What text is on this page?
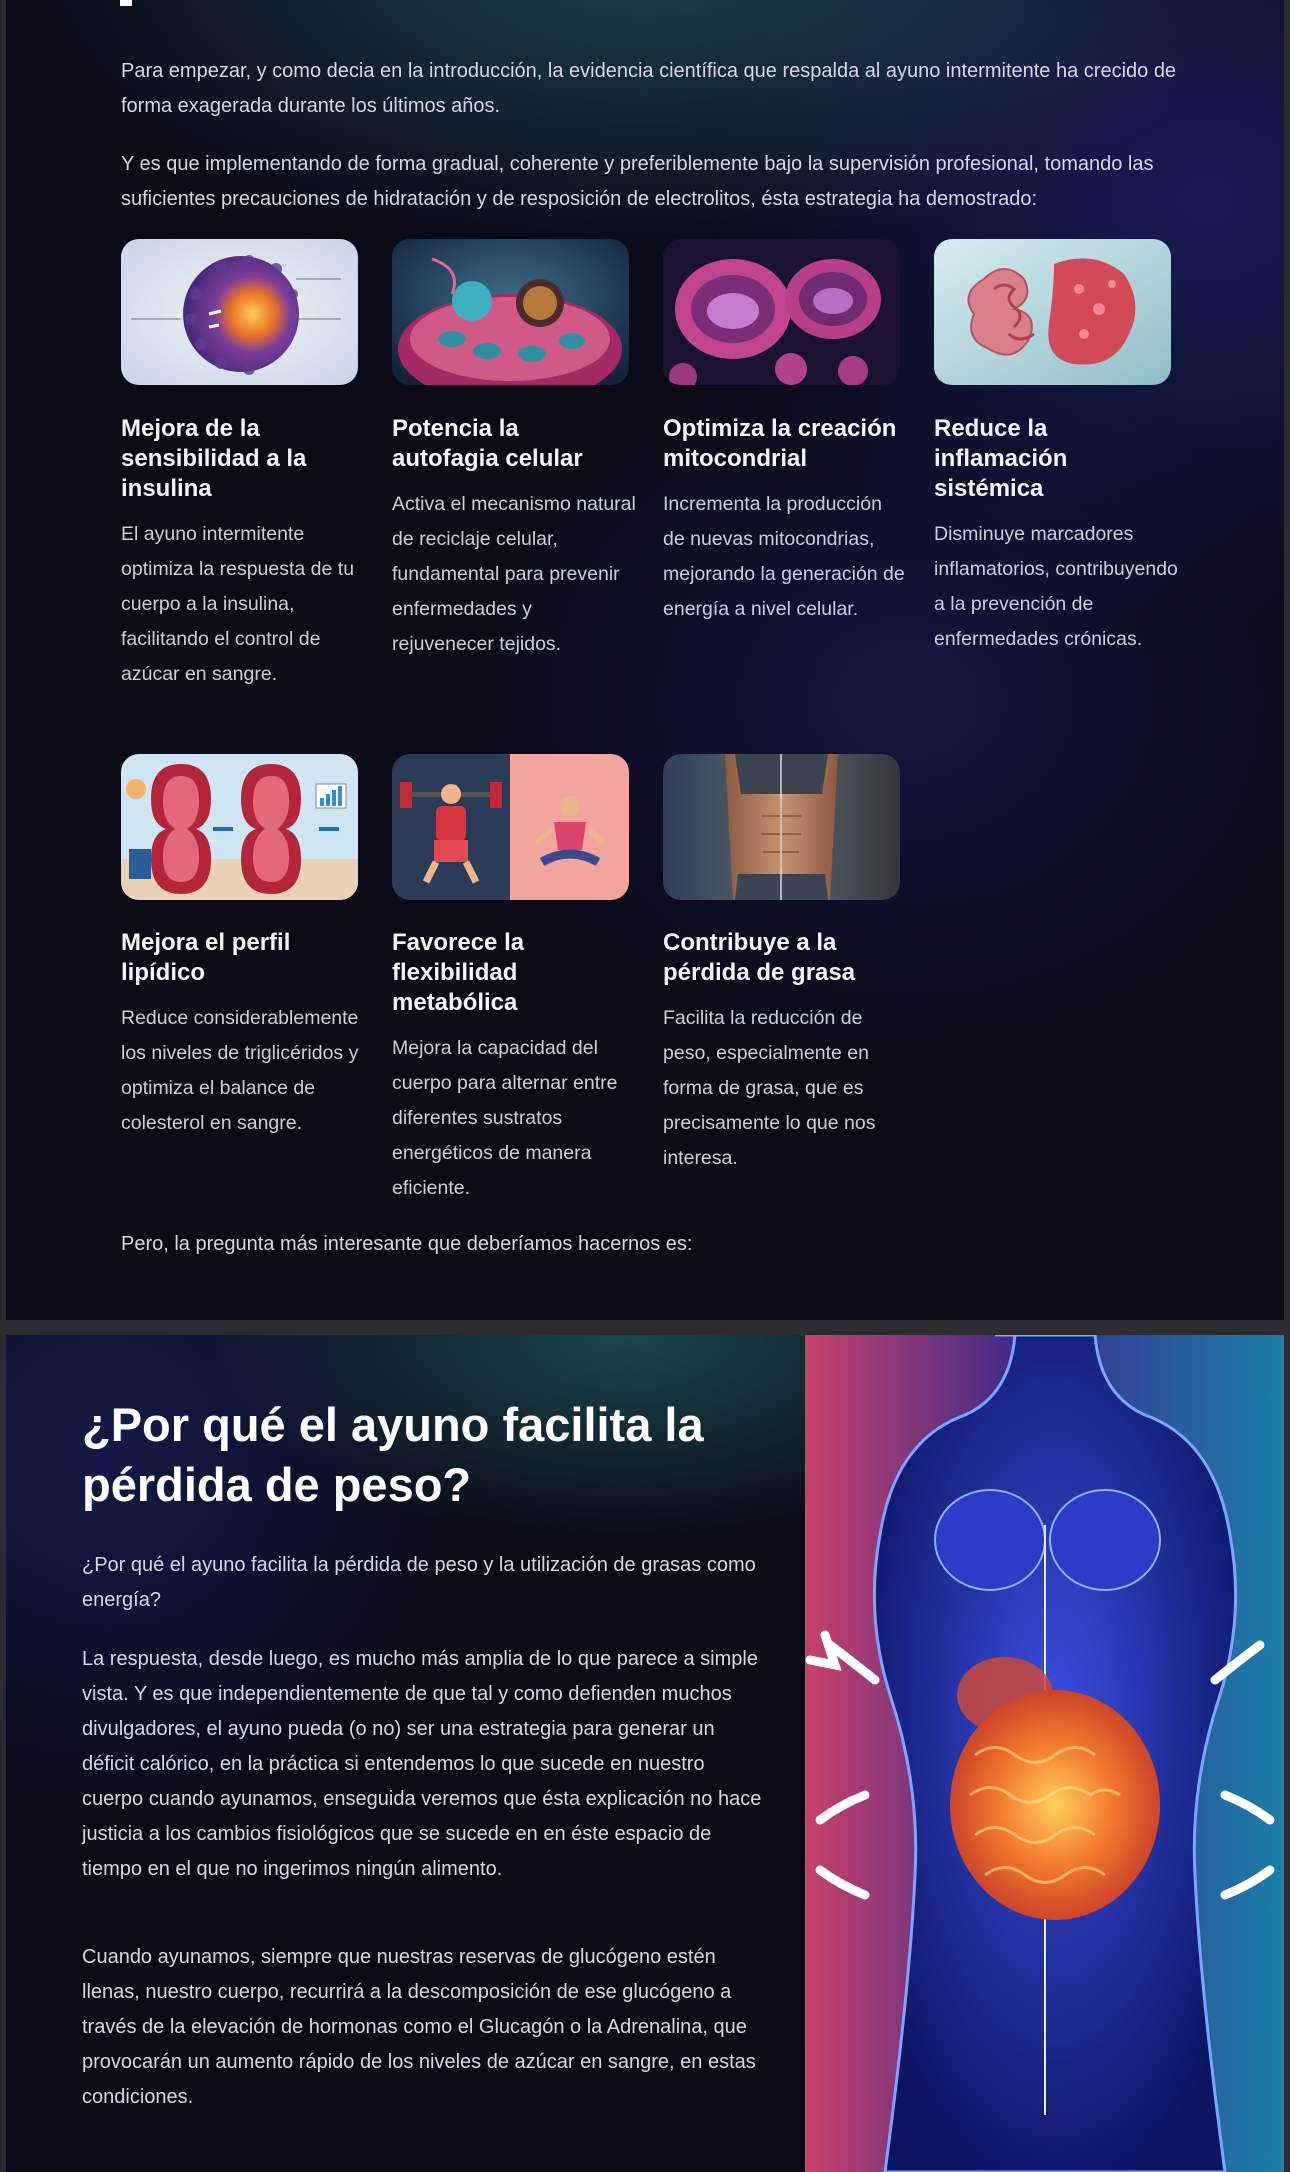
Para empezar, y como decia en la introducción, la evidencia científica que respalda al ayuno intermitente ha crecido de forma exagerada durante los últimos años.

Y es que implementando de forma gradual, coherente y preferiblemente bajo la supervisión profesional, tomando las suficientes precauciones de hidratación y de resposición de electrolitos, ésta estrategia ha demostrado:

Mejora de la sensibilidad a la insulina

El ayuno intermitente optimiza la respuesta de tu cuerpo a la insulina, facilitando el control de azúcar en sangre.

Potencia la autofagia celular

Activa el mecanismo natural de reciclaje celular, fundamental para prevenir enfermedades y rejuvenecer tejidos.

Optimiza la creación mitocondrial

Incrementa la producción de nuevas mitocondrias, mejorando la generación de energía a nivel celular.

Reduce la inflamación sistémica

Disminuye marcadores inflamatorios, contribuyendo a la prevención de enfermedades crónicas.

Mejora el perfil lipídico

Reduce considerablemente los niveles de triglicéridos y optimiza el balance de colesterol en sangre.

Favorece la flexibilidad metabólica

Mejora la capacidad del cuerpo para alternar entre diferentes sustratos energéticos de manera eficiente.

Contribuye a la pérdida de grasa

Facilita la reducción de peso, especialmente en forma de grasa, que es precisamente lo que nos interesa.

Pero, la pregunta más interesante que deberíamos hacernos es:

¿Por qué el ayuno facilita la pérdida de peso?

¿Por qué el ayuno facilita la pérdida de peso y la utilización de grasas como energía?

La respuesta, desde luego, es mucho más amplia de lo que parece a simple vista. Y es que independientemente de que tal y como defienden muchos divulgadores, el ayuno pueda (o no) ser una estrategia para generar un déficit calórico, en la práctica si entendemos lo que sucede en nuestro cuerpo cuando ayunamos, enseguida veremos que ésta explicación no hace justicia a los cambios fisiológicos que se sucede en en éste espacio de tiempo en el que no ingerimos ningún alimento.

Cuando ayunamos, siempre que nuestras reservas de glucógeno estén llenas, nuestro cuerpo, recurrirá a la descomposición de ese glucógeno a través de la elevación de hormonas como el Glucagón o la Adrenalina, que provocarán un aumento rápido de los niveles de azúcar en sangre, en estas condiciones.
